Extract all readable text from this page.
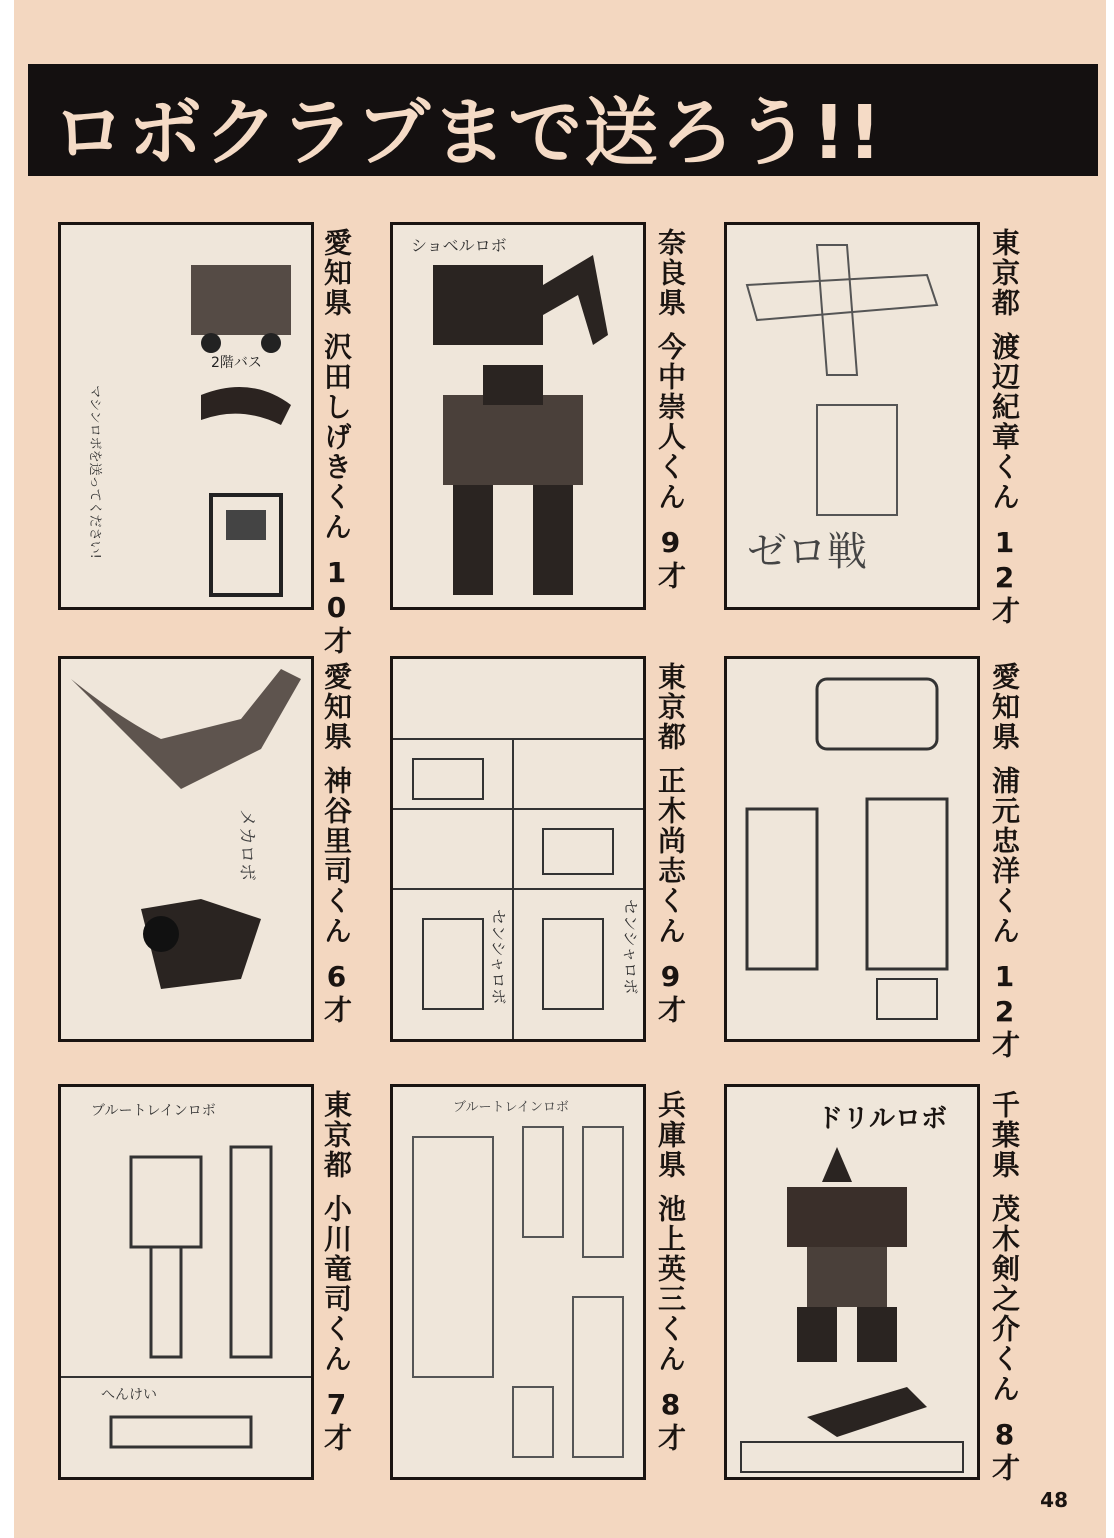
ロボクラブまで送ろう!!
2階バス
マシンロボを送ってください!
愛知県沢田しげきくん10才
ショベルロボ	奈良県今中崇人くん9才 ゼロ戦
東京都渡辺紀章くん12才
メカロボ
愛知県神谷里司くん6才	センシャロボ	センシャロボ
東京都正木尚志くん9才
愛知県浦元忠洋くん12才
ブルートレインロボ
へんけい
東京都小川竜司くん7才
ブルートレインロボ	兵庫県池上英三くん8才
ドリルロボ 千葉県茂木剣之介くん8才
48
